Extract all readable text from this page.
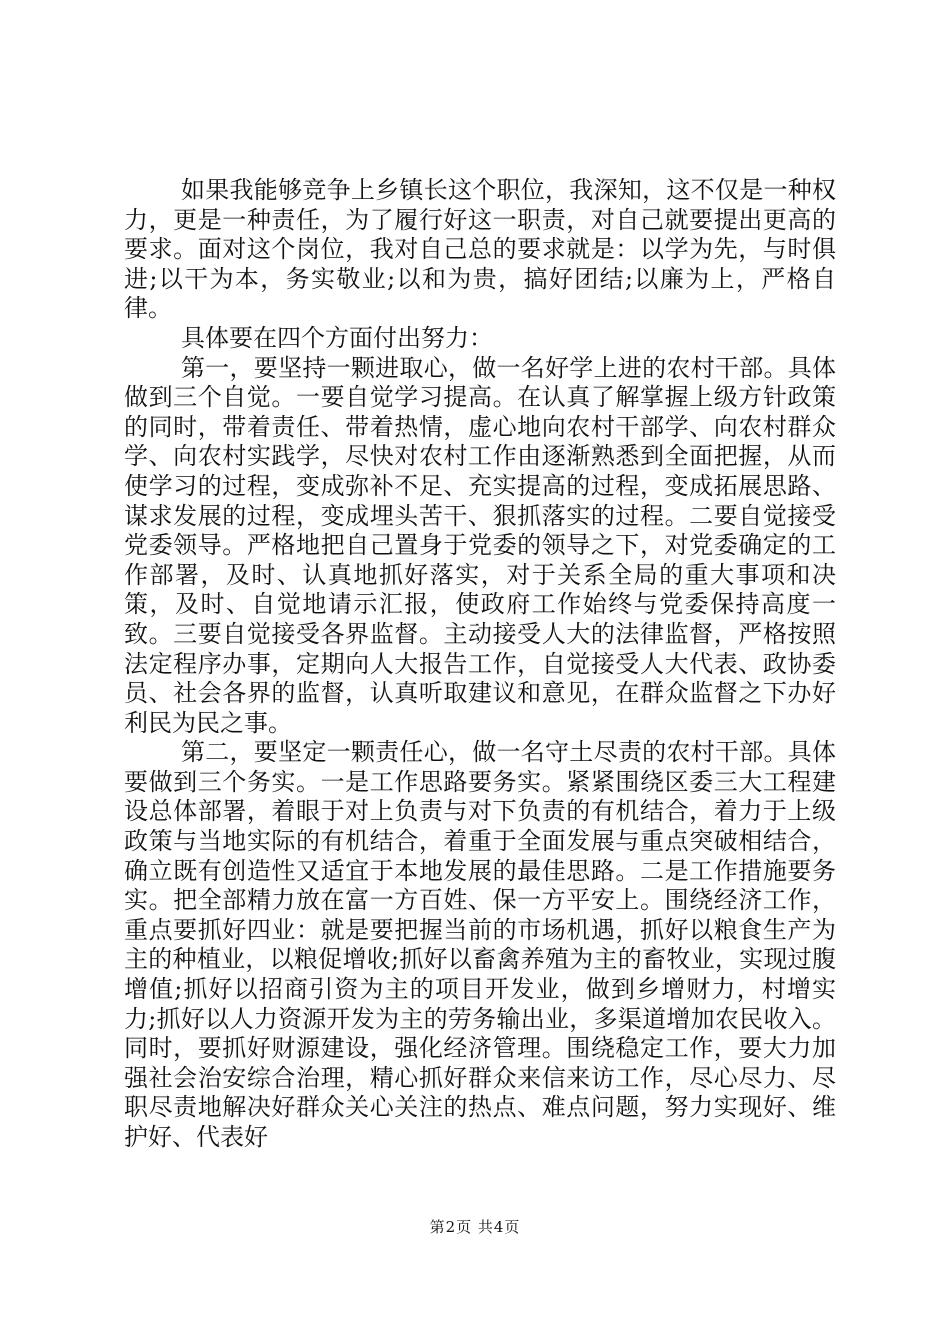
如果我能够竞争上乡镇长这个职位，我深知，这不仅是一种权力，更是一种责任，为了履行好这一职责，对自己就要提出更高的要求。面对这个岗位，我对自己总的要求就是：以学为先，与时俱进;以干为本，务实敬业;以和为贵，搞好团结;以廉为上，严格自律。

具体要在四个方面付出努力：

第一，要坚持一颗进取心，做一名好学上进的农村干部。具体做到三个自觉。一要自觉学习提高。在认真了解掌握上级方针政策的同时，带着责任、带着热情，虚心地向农村干部学、向农村群众学、向农村实践学，尽快对农村工作由逐渐熟悉到全面把握，从而使学习的过程，变成弥补不足、充实提高的过程，变成拓展思路、谋求发展的过程，变成埋头苦干、狠抓落实的过程。二要自觉接受党委领导。严格地把自己置身于党委的领导之下，对党委确定的工作部署，及时、认真地抓好落实，对于关系全局的重大事项和决策，及时、自觉地请示汇报，使政府工作始终与党委保持高度一致。三要自觉接受各界监督。主动接受人大的法律监督，严格按照法定程序办事，定期向人大报告工作，自觉接受人大代表、政协委员、社会各界的监督，认真听取建议和意见，在群众监督之下办好利民为民之事。

第二，要坚定一颗责任心，做一名守土尽责的农村干部。具体要做到三个务实。一是工作思路要务实。紧紧围绕区委三大工程建设总体部署，着眼于对上负责与对下负责的有机结合，着力于上级政策与当地实际的有机结合，着重于全面发展与重点突破相结合，确立既有创造性又适宜于本地发展的最佳思路。二是工作措施要务实。把全部精力放在富一方百姓、保一方平安上。围绕经济工作，重点要抓好四业：就是要把握当前的市场机遇，抓好以粮食生产为主的种植业，以粮促增收;抓好以畜禽养殖为主的畜牧业，实现过腹增值;抓好以招商引资为主的项目开发业，做到乡增财力，村增实力;抓好以人力资源开发为主的劳务输出业，多渠道增加农民收入。同时，要抓好财源建设，强化经济管理。围绕稳定工作，要大力加强社会治安综合治理，精心抓好群众来信来访工作，尽心尽力、尽职尽责地解决好群众关心关注的热点、难点问题，努力实现好、维护好、代表好

第2页 共4页
